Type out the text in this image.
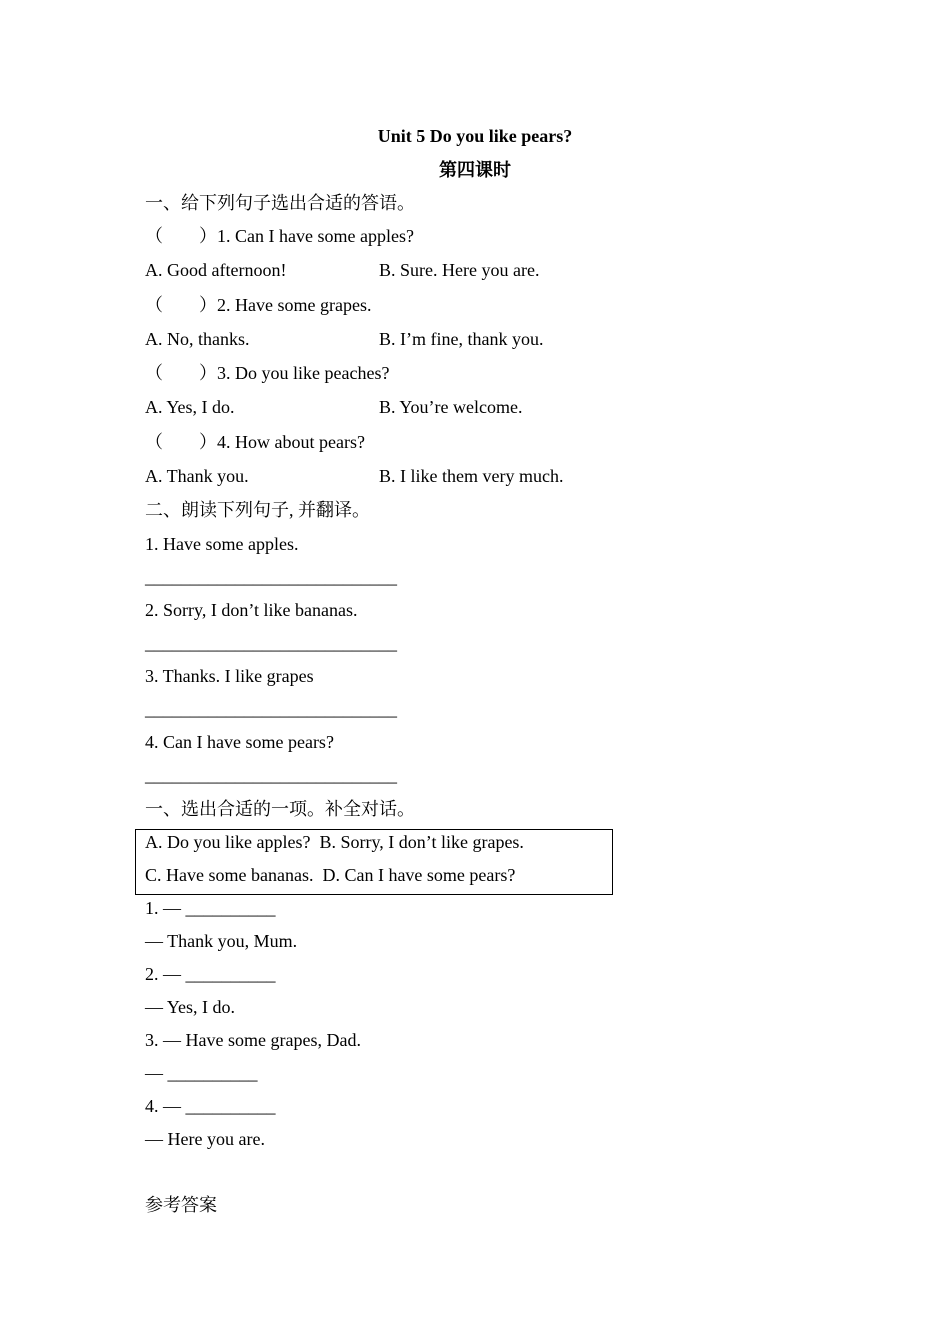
Unit 5 Do you like pears?
第四课时
一、给下列句子选出合适的答语。
（        ）1. Can I have some apples?
A. Good afternoon!	B. Sure. Here you are.
（        ）2. Have some grapes.
A. No, thanks.	B. I’m fine, thank you.
（        ）3. Do you like peaches?
A. Yes, I do.	B. You’re welcome.
（        ）4. How about pears?
A. Thank you.	B. I like them very much.
二、朗读下列句子, 并翻译。
1. Have some apples.
____________________________
2. Sorry, I don’t like bananas.
____________________________
3. Thanks. I like grapes
____________________________
4. Can I have some pears?
____________________________
一、选出合适的一项。补全对话。
A. Do you like apples?  B. Sorry, I don’t like grapes.
C. Have some bananas.  D. Can I have some pears?
1. — __________
— Thank you, Mum.
2. — __________
— Yes, I do.
3. — Have some grapes, Dad.
— __________
4. — __________
— Here you are.
参考答案
